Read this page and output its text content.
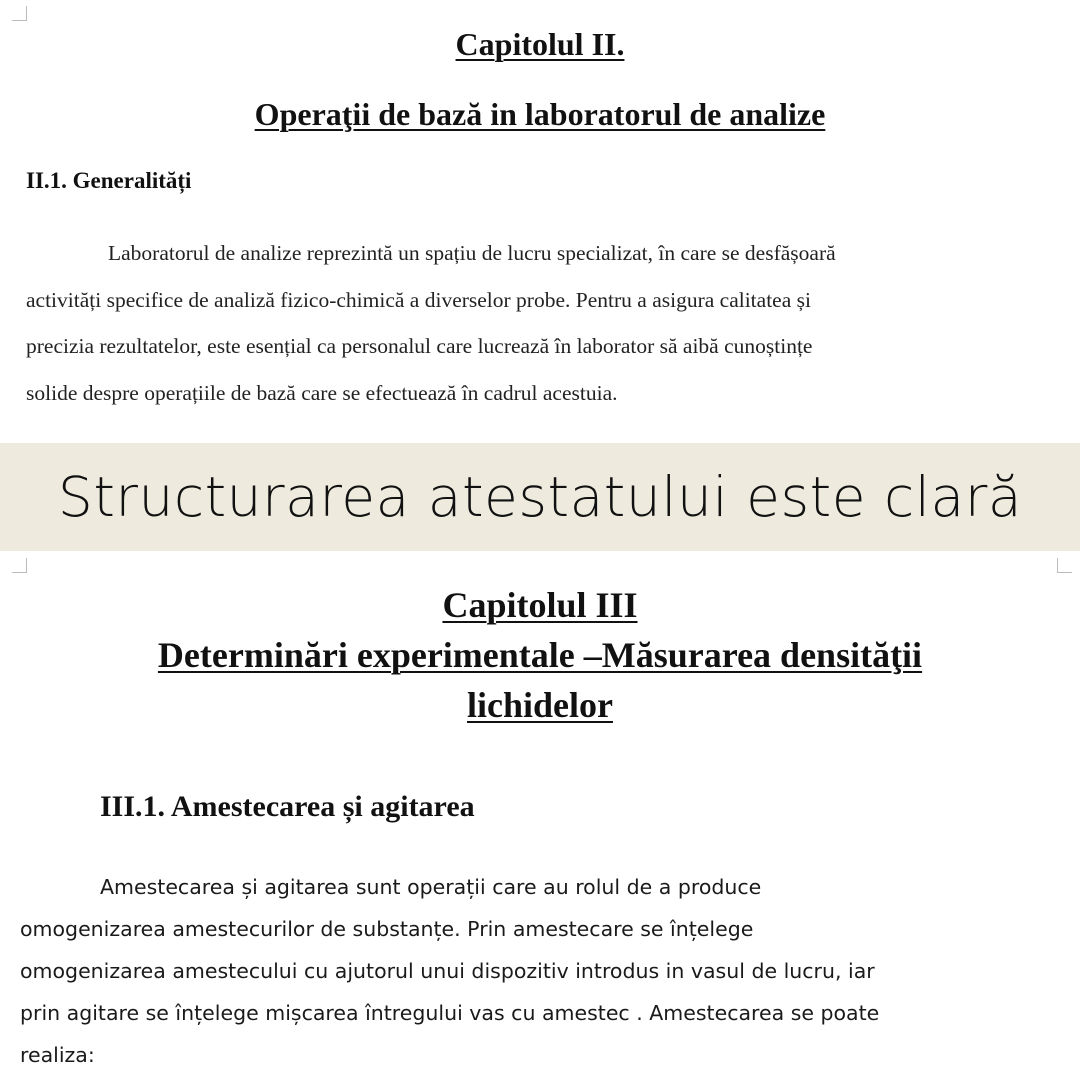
Capitolul II.
Operaţii de bază in laboratorul de analize
II.1. Generalități
Laboratorul de analize reprezintă un spațiu de lucru specializat, în care se desfășoară
activități specifice de analiză fizico-chimică a diverselor probe. Pentru a asigura calitatea și
precizia rezultatelor, este esențial ca personalul care lucrează în laborator să aibă cunoștințe
solide despre operațiile de bază care se efectuează în cadrul acestuia.
Structurarea atestatului este clară
Capitolul III
Determinări experimentale –Măsurarea densităţii
lichidelor
III.1. Amestecarea și agitarea
Amestecarea și agitarea sunt operații care au rolul de a produce
omogenizarea amestecurilor de substanțe. Prin amestecare se înțelege
omogenizarea amestecului cu ajutorul unui dispozitiv introdus in vasul de lucru, iar
prin agitare se înțelege mișcarea întregului vas cu amestec . Amestecarea se poate
realiza:
